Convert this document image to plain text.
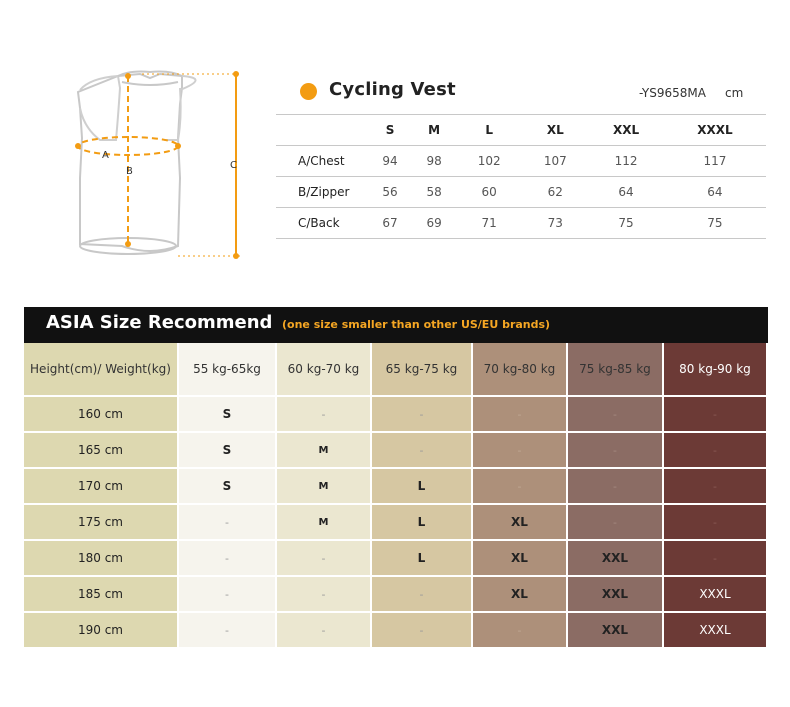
A
B
C
Cycling Vest	-YS9658MA cm
	S	M	L	XL	XXL	XXXL
A/Chest	94	98	102	107	112	117
B/Zipper	56	58	60	62	64	64
C/Back	67	69	71	73	75	75
ASIA Size Recommend (one size smaller than other US/EU brands)
Height(cm)/ Weight(kg)	55 kg-65kg	60 kg-70 kg	65 kg-75 kg	70 kg-80 kg	75 kg-85 kg	80 kg-90 kg
160 cm	S	-	-	-	-	-
165 cm	S	M	-	-	-	-
170 cm	S	M	L	-	-	-
175 cm	-	M	L	XL	-	-
180 cm	-	-	L	XL	XXL	-
185 cm	-	-	-	XL	XXL	XXXL
190 cm	-	-	-	-	XXL	XXXL
